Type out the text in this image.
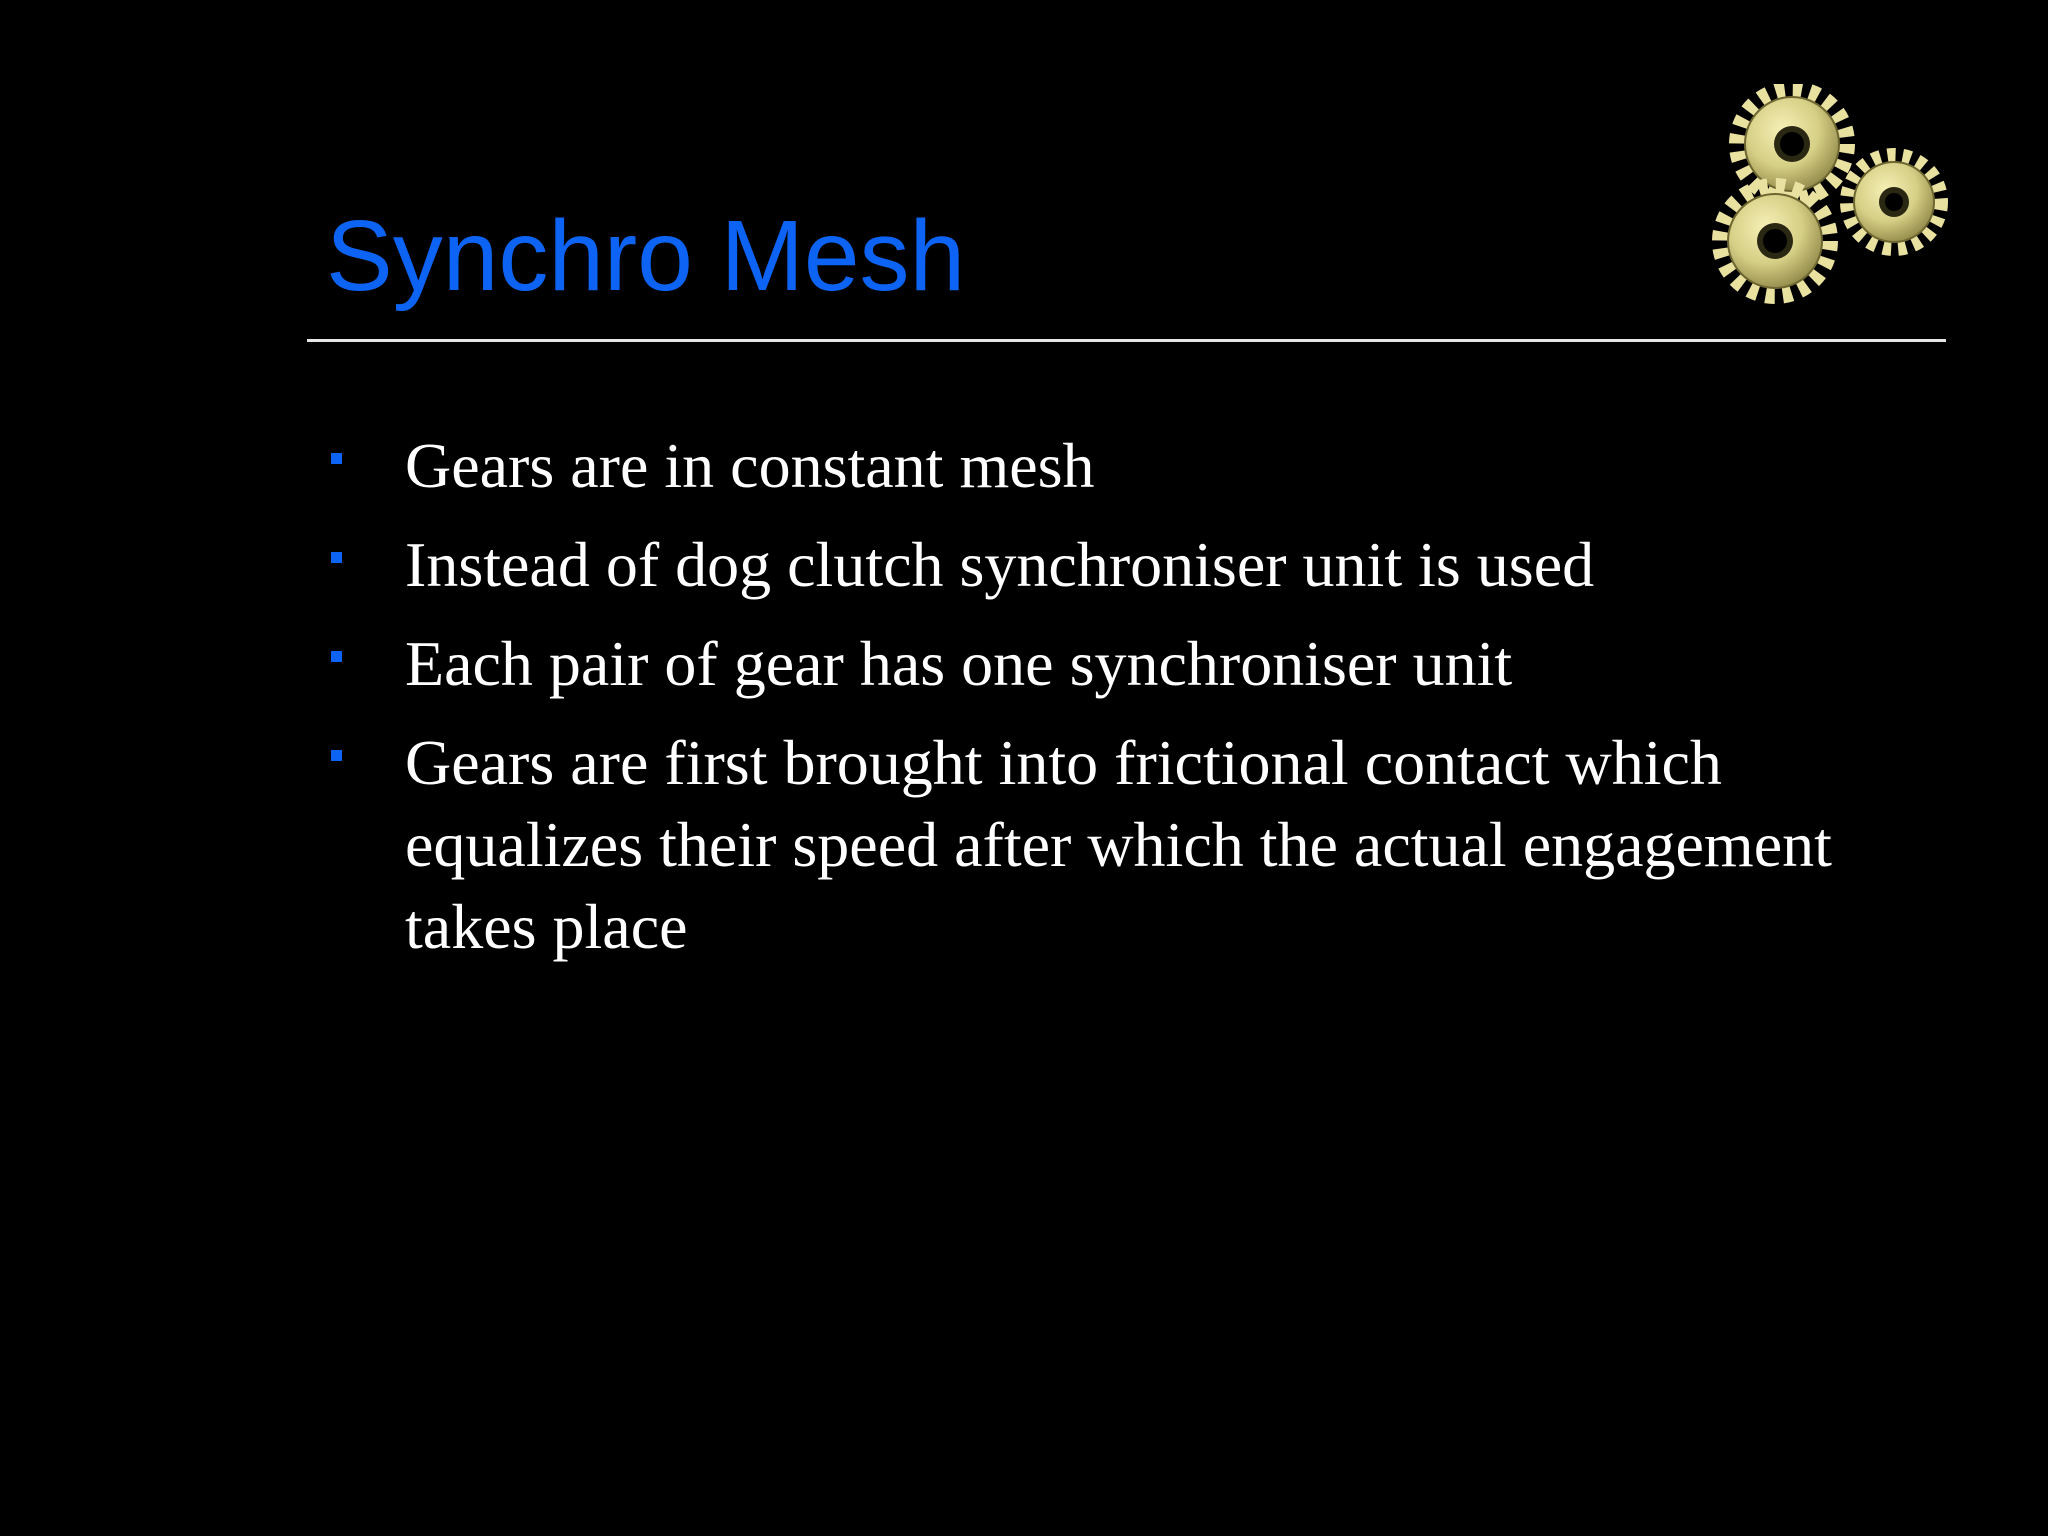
Synchro Mesh
Gears are in constant mesh
Instead of dog clutch synchroniser unit is used
Each pair of gear has one synchroniser unit
Gears are first brought into frictional contact which equalizes their speed after which the actual engagement takes place
